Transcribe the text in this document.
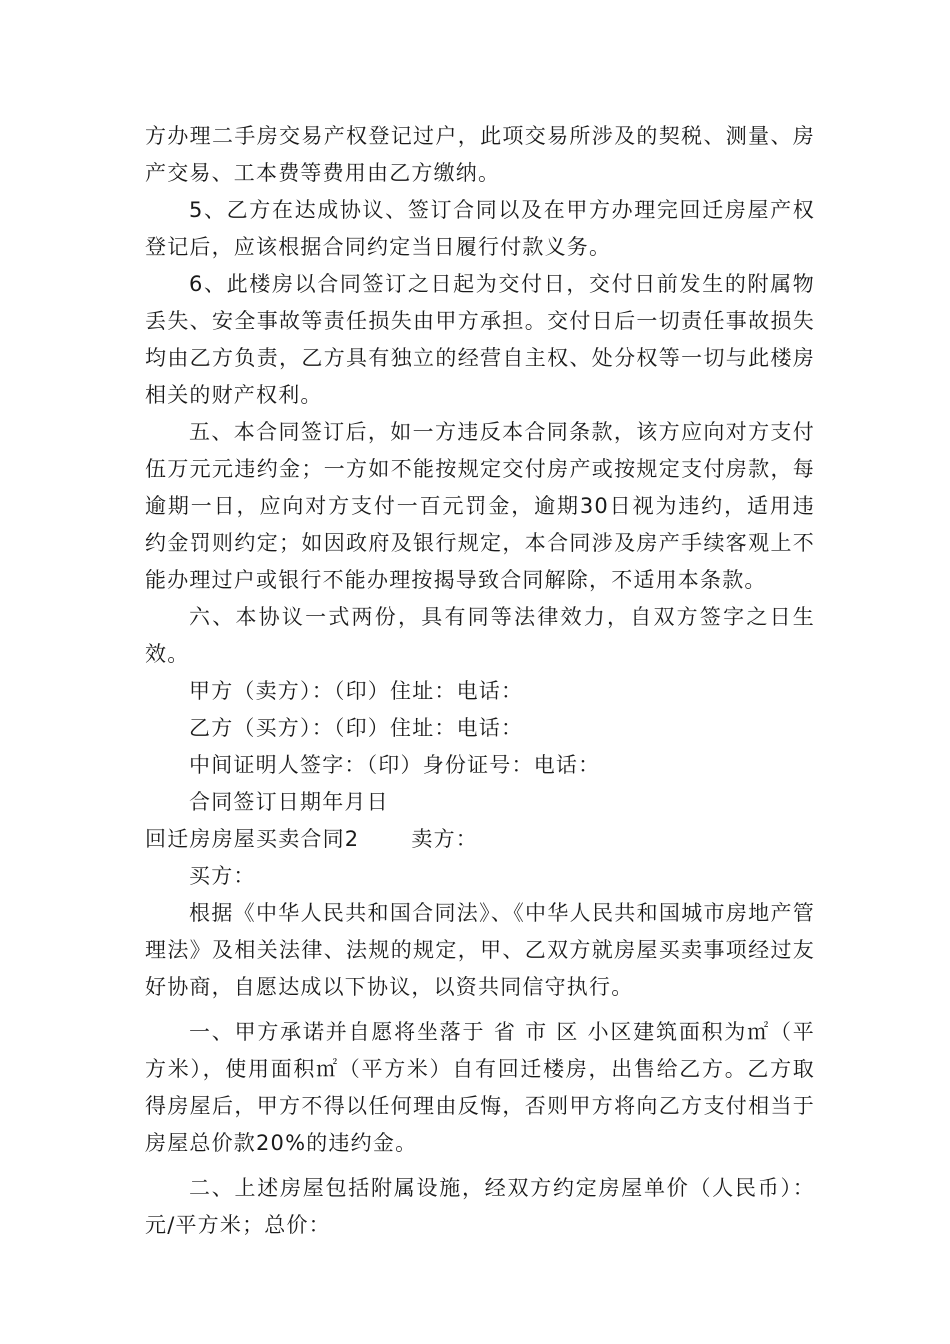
方办理二手房交易产权登记过户，此项交易所涉及的契税、测量、房产交易、工本费等费用由乙方缴纳。

5、乙方在达成协议、签订合同以及在甲方办理完回迁房屋产权登记后，应该根据合同约定当日履行付款义务。

6、此楼房以合同签订之日起为交付日，交付日前发生的附属物丢失、安全事故等责任损失由甲方承担。交付日后一切责任事故损失均由乙方负责，乙方具有独立的经营自主权、处分权等一切与此楼房相关的财产权利。

五、本合同签订后，如一方违反本合同条款，该方应向对方支付伍万元元违约金；一方如不能按规定交付房产或按规定支付房款，每逾期一日，应向对方支付一百元罚金，逾期30日视为违约，适用违约金罚则约定；如因政府及银行规定，本合同涉及房产手续客观上不能办理过户或银行不能办理按揭导致合同解除，不适用本条款。

六、本协议一式两份，具有同等法律效力，自双方签字之日生效。

甲方（卖方）：（印）住址：电话：

乙方（买方）：（印）住址：电话：

中间证明人签字：（印）身份证号：电话：

合同签订日期年月日

回迁房房屋买卖合同2 卖方：

买方：

根据《中华人民共和国合同法》、《中华人民共和国城市房地产管理法》及相关法律、法规的规定，甲、乙双方就房屋买卖事项经过友好协商，自愿达成以下协议，以资共同信守执行。

一、甲方承诺并自愿将坐落于 省 市 区 小区建筑面积为㎡（平方米），使用面积㎡（平方米）自有回迁楼房，出售给乙方。乙方取得房屋后，甲方不得以任何理由反悔，否则甲方将向乙方支付相当于房屋总价款20%的违约金。

二、上述房屋包括附属设施，经双方约定房屋单价（人民币）：元/平方米；总价：
